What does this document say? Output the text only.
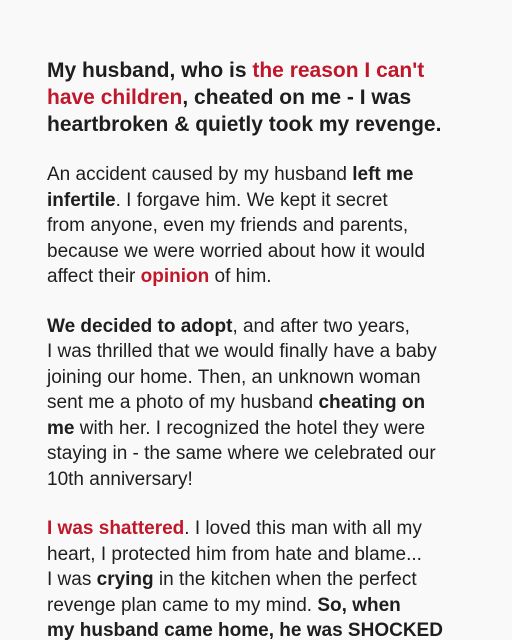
My husband, who is the reason I can't
have children, cheated on me - I was
heartbroken & quietly took my revenge.

An accident caused by my husband left me
infertile. I forgave him. We kept it secret
from anyone, even my friends and parents,
because we were worried about how it would
affect their opinion of him.

We decided to adopt, and after two years,
I was thrilled that we would finally have a baby
joining our home. Then, an unknown woman
sent me a photo of my husband cheating on
me with her. I recognized the hotel they were
staying in - the same where we celebrated our
10th anniversary!

I was shattered. I loved this man with all my
heart, I protected him from hate and blame...
I was crying in the kitchen when the perfect
revenge plan came to my mind. So, when
my husband came home, he was SHOCKED
